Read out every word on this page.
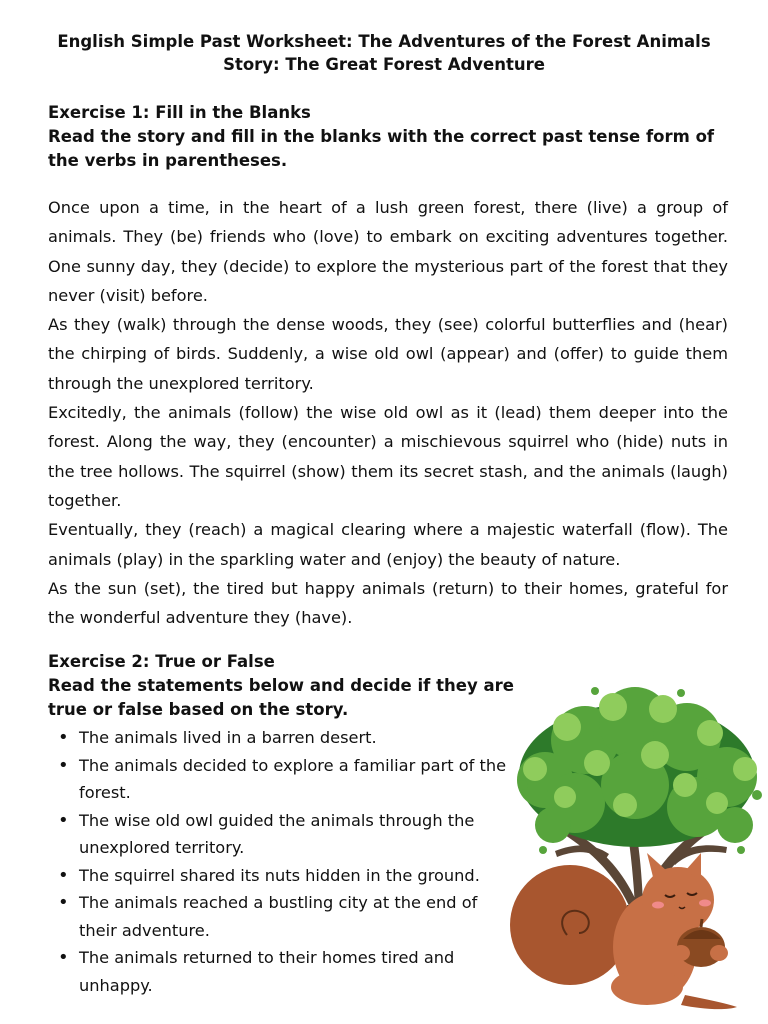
English Simple Past Worksheet: The Adventures of the Forest Animals
Story: The Great Forest Adventure

Exercise 1: Fill in the Blanks

Read the story and fill in the blanks with the correct past tense form of the verbs in parentheses.

Once upon a time, in the heart of a lush green forest, there (live) a group of animals. They (be) friends who (love) to embark on exciting adventures together. One sunny day, they (decide) to explore the mysterious part of the forest that they never (visit) before.

As they (walk) through the dense woods, they (see) colorful butterflies and (hear) the chirping of birds. Suddenly, a wise old owl (appear) and (offer) to guide them through the unexplored territory.

Excitedly, the animals (follow) the wise old owl as it (lead) them deeper into the forest. Along the way, they (encounter) a mischievous squirrel who (hide) nuts in the tree hollows. The squirrel (show) them its secret stash, and the animals (laugh) together.

Eventually, they (reach) a magical clearing where a majestic waterfall (flow). The animals (play) in the sparkling water and (enjoy) the beauty of nature.

As the sun (set), the tired but happy animals (return) to their homes, grateful for the wonderful adventure they (have).

Exercise 2: True or False

Read the statements below and decide if they are true or false based on the story.

• The animals lived in a barren desert.
• The animals decided to explore a familiar part of the forest.
• The wise old owl guided the animals through the unexplored territory.
• The squirrel shared its nuts hidden in the ground.
• The animals reached a bustling city at the end of their adventure.
• The animals returned to their homes tired and unhappy.
